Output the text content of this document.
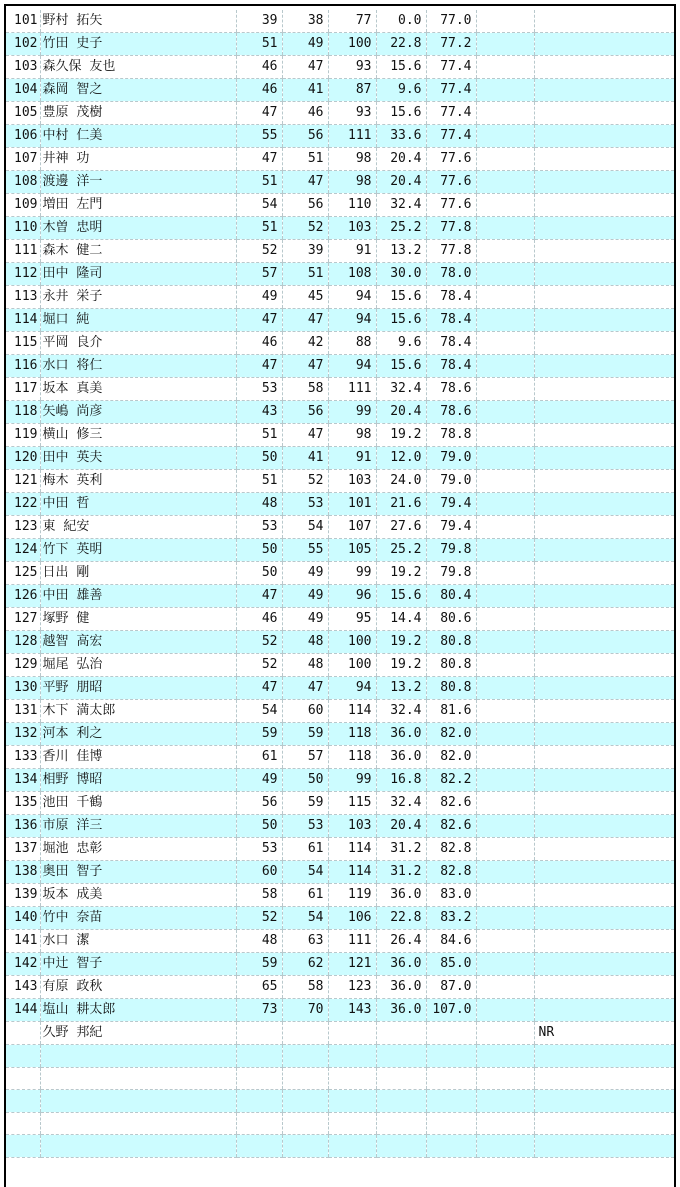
101	野村 拓矢	39	38	77	0.0	77.0		
102	竹田 史子	51	49	100	22.8	77.2		
103	森久保 友也	46	47	93	15.6	77.4		
104	森岡 智之	46	41	87	9.6	77.4		
105	豊原 茂樹	47	46	93	15.6	77.4		
106	中村 仁美	55	56	111	33.6	77.4		
107	井神 功	47	51	98	20.4	77.6		
108	渡邊 洋一	51	47	98	20.4	77.6		
109	増田 左門	54	56	110	32.4	77.6		
110	木曽 忠明	51	52	103	25.2	77.8		
111	森木 健二	52	39	91	13.2	77.8		
112	田中 隆司	57	51	108	30.0	78.0		
113	永井 栄子	49	45	94	15.6	78.4		
114	堀口 純	47	47	94	15.6	78.4		
115	平岡 良介	46	42	88	9.6	78.4		
116	水口 将仁	47	47	94	15.6	78.4		
117	坂本 真美	53	58	111	32.4	78.6		
118	矢嶋 尚彦	43	56	99	20.4	78.6		
119	横山 修三	51	47	98	19.2	78.8		
120	田中 英夫	50	41	91	12.0	79.0		
121	梅木 英利	51	52	103	24.0	79.0		
122	中田 哲	48	53	101	21.6	79.4		
123	東 紀安	53	54	107	27.6	79.4		
124	竹下 英明	50	55	105	25.2	79.8		
125	日出 剛	50	49	99	19.2	79.8		
126	中田 雄善	47	49	96	15.6	80.4		
127	塚野 健	46	49	95	14.4	80.6		
128	越智 高宏	52	48	100	19.2	80.8		
129	堀尾 弘治	52	48	100	19.2	80.8		
130	平野 朋昭	47	47	94	13.2	80.8		
131	木下 満太郎	54	60	114	32.4	81.6		
132	河本 利之	59	59	118	36.0	82.0		
133	香川 佳博	61	57	118	36.0	82.0		
134	相野 博昭	49	50	99	16.8	82.2		
135	池田 千鶴	56	59	115	32.4	82.6		
136	市原 洋三	50	53	103	20.4	82.6		
137	堀池 忠彰	53	61	114	31.2	82.8		
138	奥田 智子	60	54	114	31.2	82.8		
139	坂本 成美	58	61	119	36.0	83.0		
140	竹中 奈苗	52	54	106	22.8	83.2		
141	水口 潔	48	63	111	26.4	84.6		
142	中辻 智子	59	62	121	36.0	85.0		
143	有原 政秋	65	58	123	36.0	87.0		
144	塩山 耕太郎	73	70	143	36.0	107.0		
	久野 邦紀							NR
